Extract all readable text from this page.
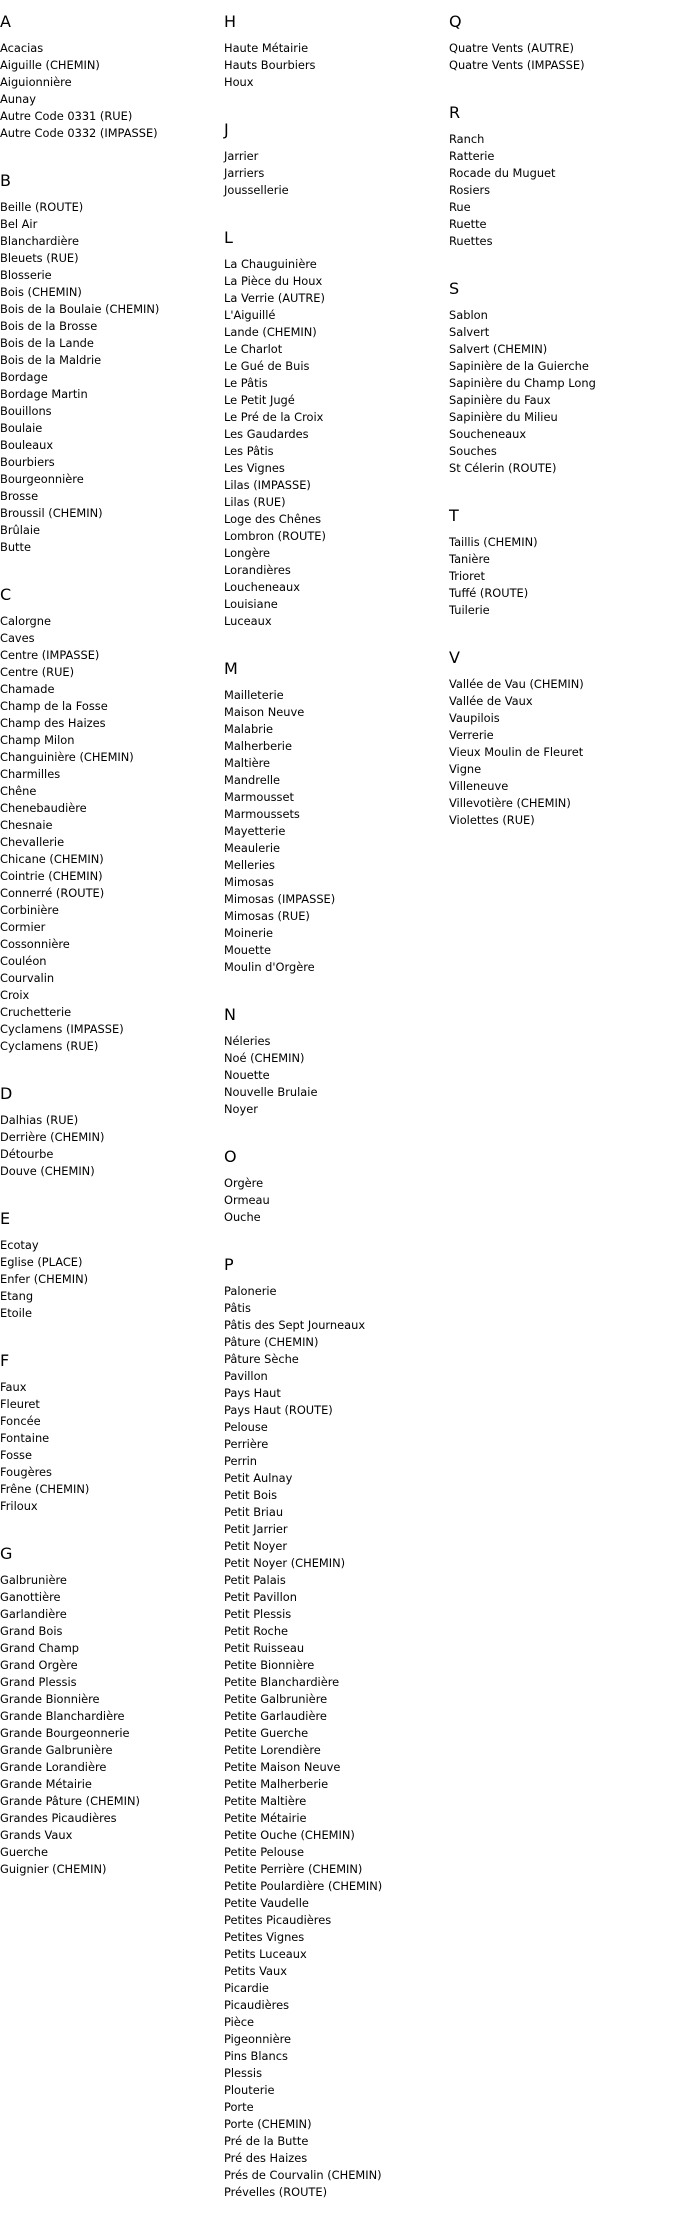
A
Acacias
Aiguille (CHEMIN)
Aiguionnière
Aunay
Autre Code 0331 (RUE)
Autre Code 0332 (IMPASSE)
B
Beille (ROUTE)
Bel Air
Blanchardière
Bleuets (RUE)
Blosserie
Bois (CHEMIN)
Bois de la Boulaie (CHEMIN)
Bois de la Brosse
Bois de la Lande
Bois de la Maldrie
Bordage
Bordage Martin
Bouillons
Boulaie
Bouleaux
Bourbiers
Bourgeonnière
Brosse
Broussil (CHEMIN)
Brûlaie
Butte
C
Calorgne
Caves
Centre (IMPASSE)
Centre (RUE)
Chamade
Champ de la Fosse
Champ des Haizes
Champ Milon
Changuinière (CHEMIN)
Charmilles
Chêne
Chenebaudière
Chesnaie
Chevallerie
Chicane (CHEMIN)
Cointrie (CHEMIN)
Connerré (ROUTE)
Corbinière
Cormier
Cossonnière
Couléon
Courvalin
Croix
Cruchetterie
Cyclamens (IMPASSE)
Cyclamens (RUE)
D
Dalhias (RUE)
Derrière (CHEMIN)
Détourbe
Douve (CHEMIN)
E
Ecotay
Eglise (PLACE)
Enfer (CHEMIN)
Etang
Etoile
F
Faux
Fleuret
Foncée
Fontaine
Fosse
Fougères
Frêne (CHEMIN)
Friloux
G
Galbrunière
Ganottière
Garlandière
Grand Bois
Grand Champ
Grand Orgère
Grand Plessis
Grande Bionnière
Grande Blanchardière
Grande Bourgeonnerie
Grande Galbrunière
Grande Lorandière
Grande Métairie
Grande Pâture (CHEMIN)
Grandes Picaudières
Grands Vaux
Guerche
Guignier (CHEMIN)
H
Haute Métairie
Hauts Bourbiers
Houx
J
Jarrier
Jarriers
Joussellerie
L
La Chauguinière
La Pièce du Houx
La Verrie (AUTRE)
L'Aiguillé
Lande (CHEMIN)
Le Charlot
Le Gué de Buis
Le Pâtis
Le Petit Jugé
Le Pré de la Croix
Les Gaudardes
Les Pâtis
Les Vignes
Lilas (IMPASSE)
Lilas (RUE)
Loge des Chênes
Lombron (ROUTE)
Longère
Lorandières
Loucheneaux
Louisiane
Luceaux
M
Mailleterie
Maison Neuve
Malabrie
Malherberie
Maltière
Mandrelle
Marmousset
Marmoussets
Mayetterie
Meaulerie
Melleries
Mimosas
Mimosas (IMPASSE)
Mimosas (RUE)
Moinerie
Mouette
Moulin d'Orgère
N
Néleries
Noé (CHEMIN)
Nouette
Nouvelle Brulaie
Noyer
O
Orgère
Ormeau
Ouche
P
Palonerie
Pâtis
Pâtis des Sept Journeaux
Pâture (CHEMIN)
Pâture Sèche
Pavillon
Pays Haut
Pays Haut (ROUTE)
Pelouse
Perrière
Perrin
Petit Aulnay
Petit Bois
Petit Briau
Petit Jarrier
Petit Noyer
Petit Noyer (CHEMIN)
Petit Palais
Petit Pavillon
Petit Plessis
Petit Roche
Petit Ruisseau
Petite Bionnière
Petite Blanchardière
Petite Galbrunière
Petite Garlaudière
Petite Guerche
Petite Lorendière
Petite Maison Neuve
Petite Malherberie
Petite Maltière
Petite Métairie
Petite Ouche (CHEMIN)
Petite Pelouse
Petite Perrière (CHEMIN)
Petite Poulardière (CHEMIN)
Petite Vaudelle
Petites Picaudières
Petites Vignes
Petits Luceaux
Petits Vaux
Picardie
Picaudières
Pièce
Pigeonnière
Pins Blancs
Plessis
Plouterie
Porte
Porte (CHEMIN)
Pré de la Butte
Pré des Haizes
Prés de Courvalin (CHEMIN)
Prévelles (ROUTE)
Q
Quatre Vents (AUTRE)
Quatre Vents (IMPASSE)
R
Ranch
Ratterie
Rocade du Muguet
Rosiers
Rue
Ruette
Ruettes
S
Sablon
Salvert
Salvert (CHEMIN)
Sapinière de la Guierche
Sapinière du Champ Long
Sapinière du Faux
Sapinière du Milieu
Soucheneaux
Souches
St Célerin (ROUTE)
T
Taillis (CHEMIN)
Tanière
Trioret
Tuffé (ROUTE)
Tuilerie
V
Vallée de Vau (CHEMIN)
Vallée de Vaux
Vaupilois
Verrerie
Vieux Moulin de Fleuret
Vigne
Villeneuve
Villevotière (CHEMIN)
Violettes (RUE)
